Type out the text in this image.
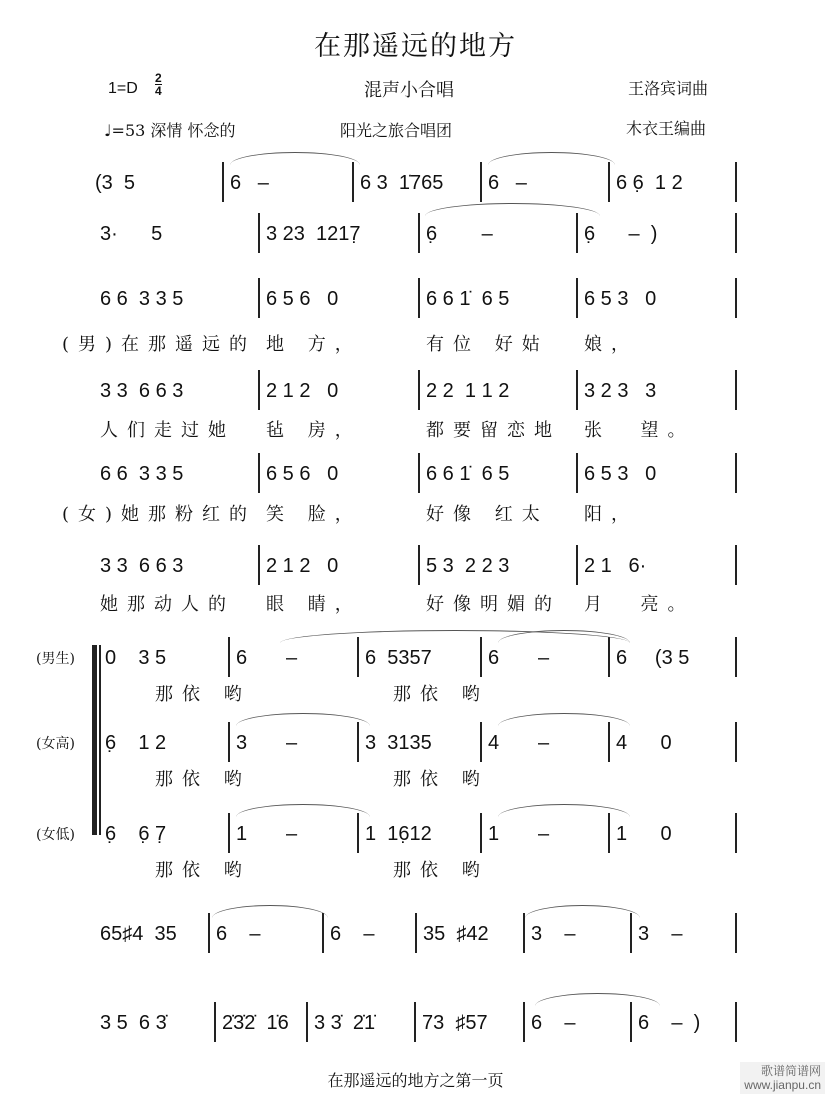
在那遥远的地方
1=D
2
4	混声小合唱	王洛宾词曲
♩=53 深情 怀念的	阳光之旅合唱团	木衣王编曲
(3  5	6   –	6 3  1̇765 6   –	6 6̣  1 2
3·      5	3 23  1217̣	6̣        –	6̣      –  )
6 6  3 3 5	6 5 6   0	6 6 1̇  6 5	6 5 3   0
(男)在那遥远的 地 方，	有位 好姑 娘，
3 3  6 6 3	2 1 2   0	2 2  1 1 2	3 2 3   3
人们走过她 毡 房，	都要留恋地 张  望。
6 6  3 3 5	6 5 6   0	6 6 1̇  6 5	6 5 3   0
(女)她那粉红的 笑 脸，	好像 红太 阳，
3 3  6 6 3	2 1 2   0	5 3  2 2 3	2 1   6·
她那动人的 眼 睛，	好像明媚的 月  亮。
(男生) 0    3 5	6       –	6  5357	6       –	6     (3 5
那依 哟	那依 哟
(女高) 6̣    1 2	3       –	3  3135	4       –	4      0
那依 哟	那依 哟
(女低) 6̣    6̣ 7̣	1       –	1  16̣12	1       –	1      0
那依 哟	那依 哟
65♯4  35 6    –	6    – 35  ♯42 3    –	3    –
3 5  6 3̇	2̇3̇2̇  1̇6 3 3̇  2̇1̇ 73  ♯57 6    –	6    –  )
在那遥远的地方之第一页	歌谱简谱网
www.jianpu.cn
